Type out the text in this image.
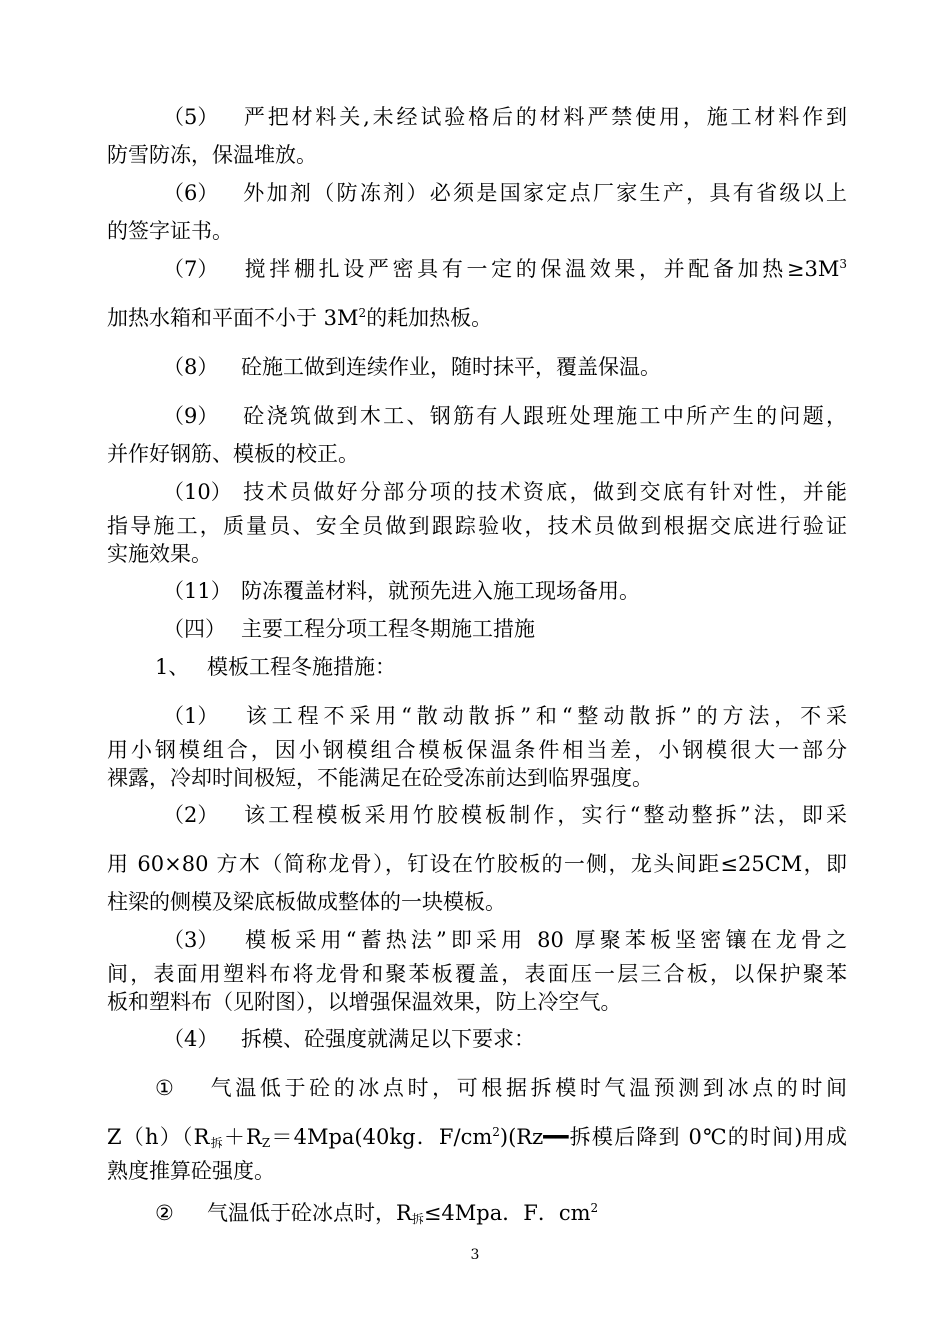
（5） 严把材料关,未经试验格后的材料严禁使用，施工材料作到
防雪防冻，保温堆放。
（6） 外加剂（防冻剂）必须是国家定点厂家生产，具有省级以上
的签字证书。
（7） 搅拌棚扎设严密具有一定的保温效果，并配备加热$\ge 3M^3$
加热水箱和平面不小于 $3M^2$的耗加热板。
（8） 砼施工做到连续作业，随时抹平，覆盖保温。
（9） 砼浇筑做到木工、钢筋有人跟班处理施工中所产生的问题，
并作好钢筋、模板的校正。
（10） 技术员做好分部分项的技术资底，做到交底有针对性，并能
指导施工，质量员、安全员做到跟踪验收，技术员做到根据交底进行验证
实施效果。
（11） 防冻覆盖材料，就预先进入施工现场备用。
（四） 主要工程分项工程冬期施工措施
1、 模板工程冬施措施：
（1） 该工程不采用“散动散拆”和“整动散拆”的方法，不采
用小钢模组合，因小钢模组合模板保温条件相当差，小钢模很大一部分
裸露，冷却时间极短，不能满足在砼受冻前达到临界强度。
（2） 该工程模板采用竹胶模板制作，实行“整动整拆”法，即采
用 60×80 方木（简称龙骨），钉设在竹胶板的一侧，龙头间距≤25CM，即
柱梁的侧模及梁底板做成整体的一块模板。
（3） 模板采用“蓄热法”即采用 80 厚聚苯板坚密镶在龙骨之
间，表面用塑料布将龙骨和聚苯板覆盖，表面压一层三合板，以保护聚苯
板和塑料布（见附图），以增强保温效果，防上冷空气。
（4） 拆模、砼强度就满足以下要求：
① 气温低于砼的冰点时，可根据拆模时气温预测到冰点的时间
$Z(h)(R_拆+R_Z=4Mpa(40kg$．$F/cm^2)(Rz━━$拆模后降到 0℃的时间)用成
熟度推算砼强度。
② 气温低于砼冰点时，$R_拆\le 4Mpa$．F．$cm^2$
3
